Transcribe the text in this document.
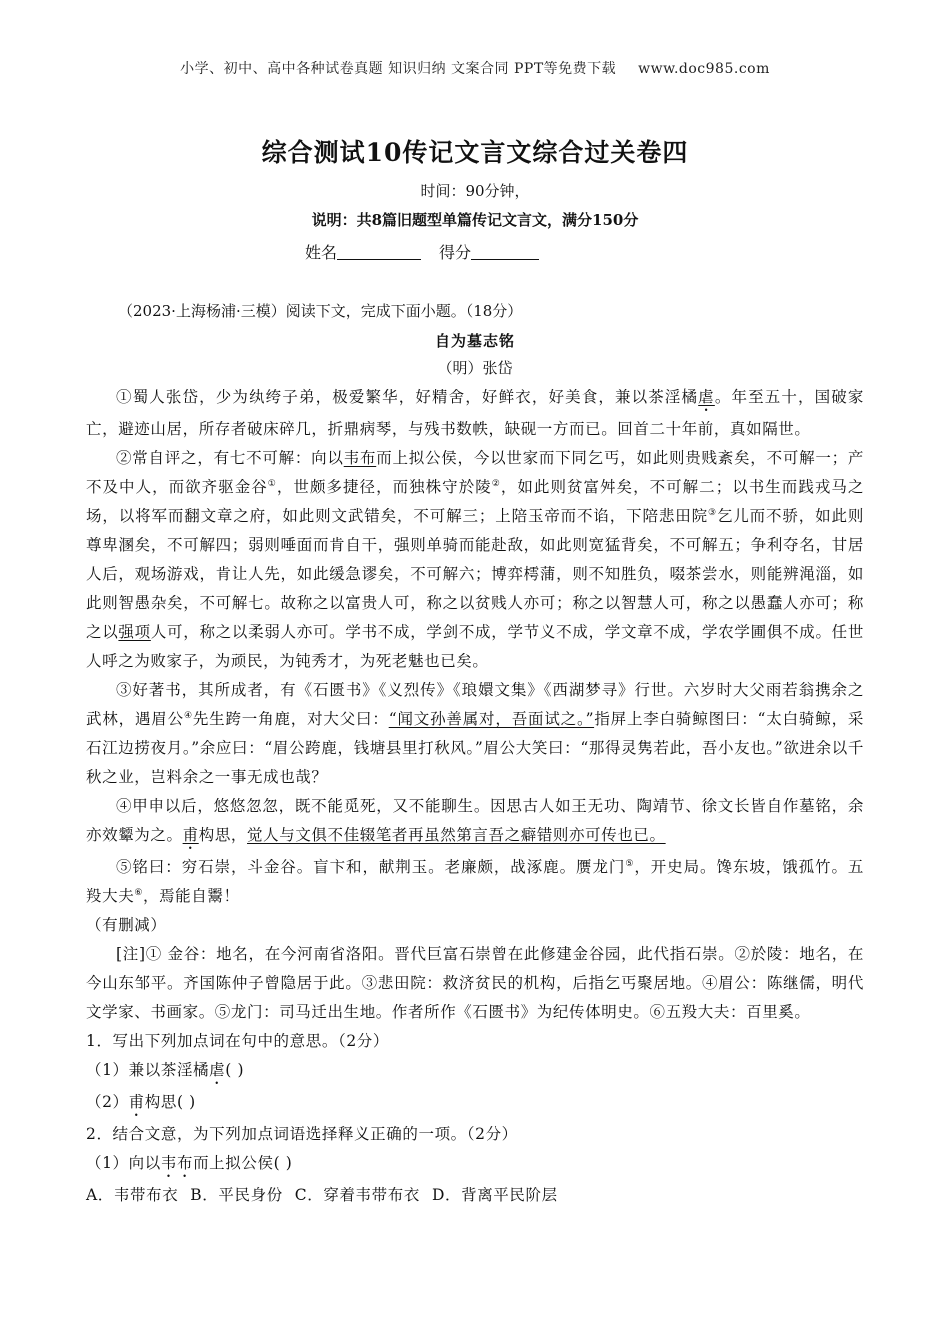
小学、初中、高中各种试卷真题 知识归纳 文案合同 PPT等免费下载 www.doc985.com
综合测试10传记文言文综合过关卷四
时间：90分钟，
说明：共8篇旧题型单篇传记文言文，满分150分
姓名	得分
（2023·上海杨浦·三模）阅读下文，完成下面小题。（18分）
自为墓志铭
（明）张岱

①蜀人张岱，少为纨绔子弟，极爱繁华，好精舍，好鲜衣，好美食，兼以茶淫橘虐。年至五十，国破家亡，避迹山居，所存者破床碎几，折鼎病琴，与残书数帙，缺砚一方而已。回首二十年前，真如隔世。

②常自评之，有七不可解：向以韦布而上拟公侯，今以世家而下同乞丐，如此则贵贱紊矣，不可解一；产不及中人，而欲齐驱金谷①，世颇多捷径，而独株守於陵②，如此则贫富舛矣，不可解二；以书生而践戎马之场，以将军而翻文章之府，如此则文武错矣，不可解三；上陪玉帝而不谄，下陪悲田院③乞儿而不骄，如此则尊卑溷矣，不可解四；弱则唾面而肯自干，强则单骑而能赴敌，如此则宽猛背矣，不可解五；争利夺名，甘居人后，观场游戏，肯让人先，如此缓急谬矣，不可解六；博弈樗蒲，则不知胜负，啜茶尝水，则能辨渑淄，如此则智愚杂矣，不可解七。故称之以富贵人可，称之以贫贱人亦可；称之以智慧人可，称之以愚蠢人亦可；称之以强项人可，称之以柔弱人亦可。学书不成，学剑不成，学节义不成，学文章不成，学农学圃俱不成。任世人呼之为败家子，为顽民，为钝秀才，为死老魅也已矣。

③好著书，其所成者，有《石匮书》《义烈传》《琅嬛文集》《西湖梦寻》行世。六岁时大父雨若翁携余之武林，遇眉公④先生跨一角鹿，对大父曰：“闻文孙善属对，吾面试之。”指屏上李白骑鲸图曰：“太白骑鲸，采石江边捞夜月。”余应曰：“眉公跨鹿，钱塘县里打秋风。”眉公大笑曰：“那得灵隽若此，吾小友也。”欲进余以千秋之业，岂料余之一事无成也哉？

④甲申以后，悠悠忽忽，既不能觅死，又不能聊生。因思古人如王无功、陶靖节、徐文长皆自作墓铭，余亦效颦为之。甫构思，觉人与文俱不佳辍笔者再虽然第言吾之癖错则亦可传也已。

⑤铭曰：穷石崇，斗金谷。盲卞和，献荆玉。老廉颇，战涿鹿。赝龙门⑤，开史局。馋东坡，饿孤竹。五羖大夫⑥，焉能自鬻！

（有删减）

[注]① 金谷：地名，在今河南省洛阳。晋代巨富石崇曾在此修建金谷园，此代指石崇。②於陵：地名，在今山东邹平。齐国陈仲子曾隐居于此。③悲田院：救济贫民的机构，后指乞丐聚居地。④眉公：陈继儒，明代文学家、书画家。⑤龙门：司马迁出生地。作者所作《石匮书》为纪传体明史。⑥五羖大夫：百里奚。

1．写出下列加点词在句中的意思。（2分）

（1）兼以茶淫橘虐( )

（2）甫构思( )

2．结合文意，为下列加点词语选择释义正确的一项。（2分）

（1）向以韦布而上拟公侯( )

A．韦带布衣 B．平民身份 C．穿着韦带布衣 D．背离平民阶层
